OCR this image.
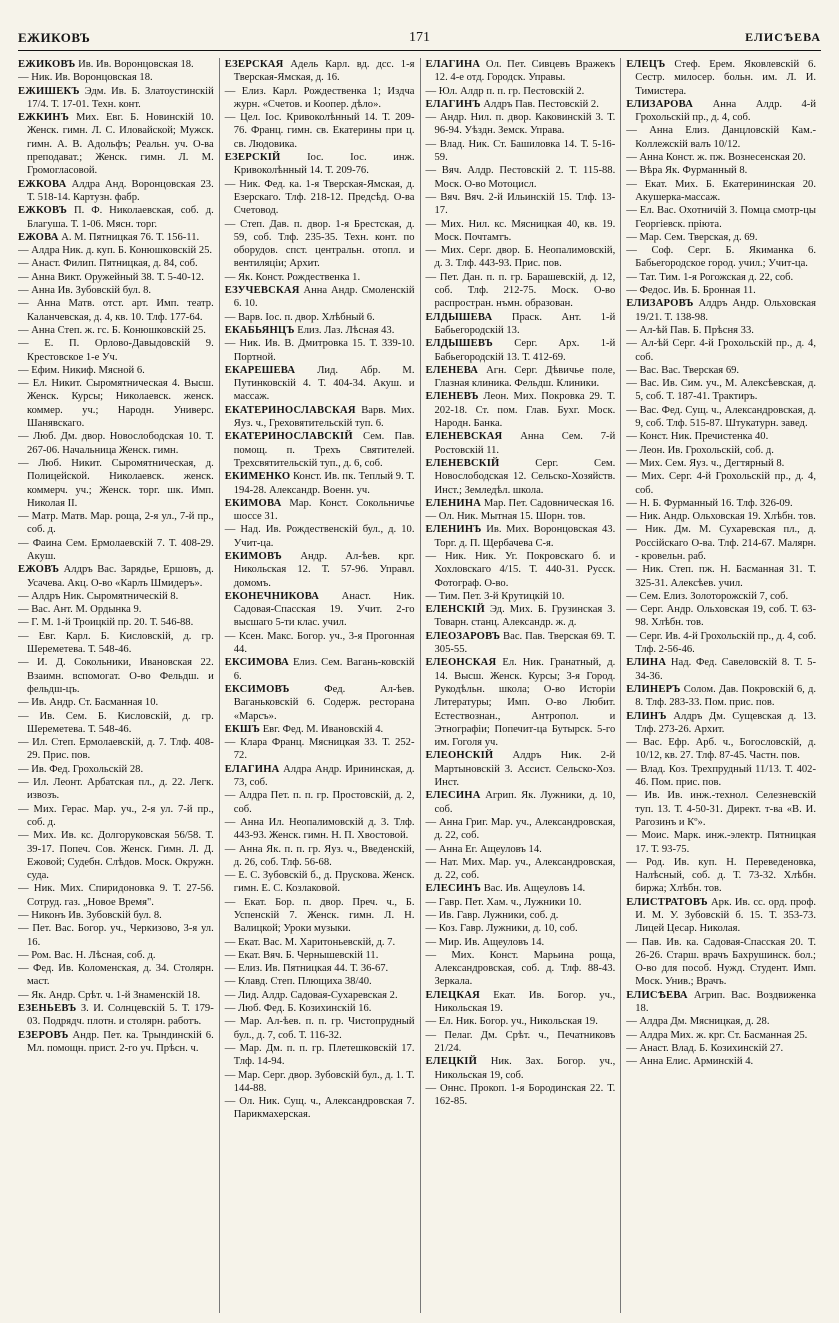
ЕЖИКОВЪ	171	ЕЛИСѢЕВА

ЕЖИКОВЪ Ив. Ив. Воронцовская 18.

— Ник. Ив. Воронцовская 18.

ЕЖИШЕКЪ Эдм. Ив. Б. Златоустинскій 17/4. Т. 17-01. Техн. конт.

ЕЖКИНЪ Мих. Евг. Б. Новинскій 10. Женск. гимн. Л. С. Иловайской; Мужск. гимн. А. В. Адольфъ; Реальн. уч. О-ва преподават.; Женск. гимн. Л. М. Громогласовой.

ЕЖКОВА Алдра Анд. Воронцовская 23. Т. 518-14. Картузн. фабр.

ЕЖКОВЪ П. Ф. Николаевская, соб. д. Благуша. Т. 1-06. Мясн. торг.

ЕЖОВА А. М. Пятницкая 76. Т. 156-11.

— Алдра Ник. д. куп. Б. Конюшковскій 25.

— Анаст. Филип. Пятницкая, д. 84, соб.

— Анна Викт. Оружейный 38. Т. 5-40-12.

— Анна Ив. Зубовскій бул. 8.

— Анна Матв. отст. арт. Имп. театр. Каланчевская, д. 4, кв. 10. Тлф. 177-64.

— Анна Степ. ж. гс. Б. Конюшковскій 25.

— Е. П. Орлово-Давыдовскій 9. Крестовское 1-е Уч.

— Ефим. Никиф. Мясной 6.

— Ел. Никит. Сыромятническая 4. Высш. Женск. Курсы; Николаевск. женск. коммер. уч.; Народн. Универс. Шанявскаго.

— Люб. Дм. двор. Новослободская 10. Т. 267-06. Начальница Женск. гимн.

— Люб. Никит. Сыромятническая, д. Полицейской. Николаевск. женск. коммерч. уч.; Женск. торг. шк. Имп. Николая II.

— Матр. Матв. Мар. роща, 2-я ул., 7-й пр., соб. д.

— Фаина Сем. Ермолаевскій 7. Т. 408-29. Акуш.

ЕЖОВЪ Алдръ Вас. Зарядье, Ершовъ, д. Усачева. Акц. О-во «Карлъ Шмидеръ».

— Алдръ Ник. Сыромятническій 8.

— Вас. Ант. М. Ордынка 9.

— Г. М. 1-й Троицкій пр. 20. Т. 546-88.

— Евг. Карл. Б. Кисловскій, д. гр. Шереметева. Т. 548-46.

— И. Д. Сокольники, Ивановская 22. Взаимн. вспомогат. О-во Фельдш. и фельдш-цъ.

— Ив. Андр. Ст. Басманная 10.

— Ив. Сем. Б. Кисловскій, д. гр. Шереметева. Т. 548-46.

— Ил. Степ. Ермолаевскій, д. 7. Тлф. 408-29. Прис. пов.

— Ив. Фед. Грохольскій 28.

— Ил. Леонт. Арбатская пл., д. 22. Легк. извозъ.

— Мих. Герас. Мар. уч., 2-я ул. 7-й пр., соб. д.

— Мих. Ив. кс. Долгоруковская 56/58. Т. 39-17. Попеч. Сов. Женск. Гимн. Л. Д. Ежовой; Судебн. Слѣдов. Моск. Окружн. суда.

— Ник. Мих. Спиридоновка 9. Т. 27-56. Сотруд. газ. „Новое Время".

— Никонъ Ив. Зубовскій бул. 8.

— Пет. Вас. Богор. уч., Черкизово, 3-я ул. 16.

— Ром. Вас. Н. Лѣсная, соб. д.

— Фед. Ив. Коломенская, д. 34. Столярн. маст.

— Як. Андр. Срѣт. ч. 1-й Знаменскій 18.

ЕЗЕНЬЕВЪ З. И. Солнцевскій 5. Т. 179-03. Подрядч. плотн. и столярн. работъ.

ЕЗЕРОВЪ Андр. Пет. ка. Трындинскій 6. Мл. помощн. прист. 2-го уч. Прѣсн. ч.

ЕЗЕРСКАЯ Адель Карл. вд. дсс. 1-я Тверская-Ямская, д. 16.

— Елиз. Карл. Рождественка 1; Издча журн. «Счетов. и Коопер. дѣло».

— Цел. Іос. Кривоколѣнный 14. Т. 209-76. Франц. гимн. св. Екатерины при ц. св. Людовика.

ЕЗЕРСКІЙ	Іос. Іос. инж. Кривоколѣнный 14. Т. 209-76.

— Ник. Фед. ка. 1-я Тверская-Ямская, д. Езерскаго. Тлф. 218-12. Предсѣд. О-ва Счетовод.

— Степ. Дав. п. двор. 1-я Брестская, д. 59, соб. Тлф. 235-35. Техн. конт. по оборудов. спст. центральн. отопл. и вентиляціи; Архит.

— Як. Конст. Рождественка 1.

ЕЗУЧЕВСКАЯ Анна Андр. Смоленскій 6. 10.

— Варв. Іос. п. двор. Хлѣбный 6.

ЕКАБЬЯНЦЪ Елиз. Лаз. Лѣсная 43.

— Ник. Ив. В. Дмитровка 15. Т. 339-10. Портной.

ЕКАРЕШЕВА Лид. Абр. М. Путинковскій 4. Т. 404-34. Акуш. и массаж.

ЕКАТЕРИНОСЛАВСКАЯ Варв. Мих. Яуз. ч., Греховятительскій туп. 6.

ЕКАТЕРИНОСЛАВСКІЙ Сем. Пав. помощ. п. Трехъ Святителей. Трехсвятительскій туп., д. 6, соб.

ЕКИМЕНКО Конст. Ив. пк. Теплый 9. Т. 194-28. Александр. Военн. уч.

ЕКИМОВА Мар. Конст. Сокольничье шоссе 31.

— Над. Ив. Рождественскій бул., д. 10. Учит-ца.

ЕКИМОВЪ Андр. Ал-ѣев. крг. Никольская 12. Т. 57-96. Управл. домомъ.

ЕКОНЕЧНИКОВА Анаст. Ник. Садовая-Спасская 19. Учит. 2-го высшаго 5-ти клас. учил.

— Ксен. Макс. Богор. уч., 3-я Прогонная 44.

ЕКСИМОВА Елиз. Сем. Вагань-ковскій 6.

ЕКСИМОВЪ	Фед. Ал-ѣев. Ваганьковскій 6. Содерж. ресторана «Марсъ».

ЕКШЪ Евг. Фед. М. Ивановскій 4.

— Клара Франц. Мясницкая 33. Т. 252-72.

ЕЛАГИНА Алдра Андр. Ирининская, д. 73, соб.

— Алдра Пет. п. п. гр. Простовскій, д. 2, соб.

— Анна Ил. Неопалимовскій д. 3. Тлф. 443-93. Женск. гимн. Н. П. Хвостовой.

— Анна Як. п. п. гр. Яуз. ч., Введенскій, д. 26, соб. Тлф. 56-68.

— Е. С. Зубовскій б., д. Прускова. Женск. гимн. Е. С. Козлаковой.

— Екат. Бор. п. двор. Преч. ч., Б. Успенскій 7. Женск. гимн. Л. Н. Валицкой; Уроки музыки.

— Екат. Вас. М. Харитоньевскій, д. 7.

— Екат. Вяч. Б. Чернышевскій 11.

— Елиз. Ив. Пятницкая 44. Т. 36-67.

— Клавд. Степ. Плющиха 38/40.

— Лид. Алдр. Садовая-Сухаревская 2.

— Люб. Фед. Б. Козихинскій 16.

— Мар. Ал-ѣев. п. п. гр. Чистопрудный бул., д. 7, соб. Т. 116-32.

— Мар. Дм. п. п. гр. Плетешковскій 17. Тлф. 14-94.

— Мар. Серг. двор. Зубовскій бул., д. 1. Т. 144-88.

— Ол. Ник. Сущ. ч., Александровская 7. Парикмахерская.

ЕЛАГИНА Ол. Пет. Сивцевъ Вражекъ 12. 4-е отд. Городск. Управы.

— Юл. Алдр п. п. гр. Пестовскій 2.

ЕЛАГИНЪ Алдръ Пав. Пестовскій 2.

— Андр. Нил. п. двор. Каковинскій 3. Т. 96-94. Уѣздн. Земск. Управа.

— Влад. Ник. Ст. Башиловка 14. Т. 5-16-59.

— Вяч. Алдр. Пестовскій 2. Т. 115-88. Моск. О-во Мотоцисл.

— Вяч. Вяч. 2-й Ильинскій 15. Тлф. 13-17.

— Мих. Нил. кс. Мясницкая 40, кв. 19. Моск. Почтамтъ.

— Мих. Серг. двор. Б. Неопалимовскій, д. 3. Тлф. 443-93. Прис. пов.

— Пет. Дан. п. п. гр. Барашевскій, д. 12, соб. Тлф. 212-75. Моск. О-во распростран. нъмн. образован.

ЕЛДЫШЕВА Праск. Ант. 1-й Бабьегородскій 13.

ЕЛДЫШЕВЪ Серг. Арх. 1-й Бабьегородскій 13. Т. 412-69.

ЕЛЕНЕВА Агн. Серг. Дѣвичье поле, Глазная клиника. Фельдш. Клиники.

ЕЛЕНЕВЪ Леон. Мих. Покровка 29. Т. 202-18. Ст. пом. Глав. Бухг. Моск. Народн. Банка.

ЕЛЕНЕВСКАЯ Анна Сем. 7-й Ростовскій 11.

ЕЛЕНЕВСКІЙ	Серг. Сем. Новослободская 12. Сельско-Хозяйств. Инст.; Земледѣл. школа.

ЕЛЕНИНА Мар. Пет. Садовническая 16.

— Ол. Ник. Мытная 15. Шорн. тов.

ЕЛЕНИНЪ Ив. Мих. Воронцовская 43. Торг. д. П. Щербачева С-я.

— Ник. Ник. Уг. Покровскаго б. и Хохловскаго 4/15. Т. 440-31. Русск. Фотограф. О-во.

— Тим. Пет. 3-й Крутицкій 10.

ЕЛЕНСКІЙ Эд. Мих. Б. Грузинская 3. Товарн. станц. Александр. ж. д.

ЕЛЕОЗАРОВЪ Вас. Пав. Тверская 69. Т. 305-55.

ЕЛЕОНСКАЯ Ел. Ник. Гранатный, д. 14. Высш. Женск. Курсы; 3-я Город. Рукодѣльн. школа; О-во Исторіи Литературы; Имп. О-во Любит. Естествознан., Антропол. и Этнографіи; Попечит-ца Бутырск. 5-го им. Гоголя уч.

ЕЛЕОНСКІЙ Алдръ Ник. 2-й Мартыновскій 3. Ассист. Сельско-Хоз. Инст.

ЕЛЕСИНА Агрип. Як. Лужники, д. 10, соб.

— Анна Григ. Мар. уч., Александровская, д. 22, соб.

— Анна Ег. Ащеуловъ 14.

— Нат. Мих. Мар. уч., Александровская, д. 22, соб.

ЕЛЕСИНЪ Вас. Ив. Ащеуловъ 14.

— Гавр. Пет. Хам. ч., Лужники 10.

— Ив. Гавр. Лужники, соб. д.

— Коз. Гавр. Лужники, д. 10, соб.

— Мир. Ив. Ащеуловъ 14.

— Мих. Конст. Марьина роща, Александровская, соб. д. Тлф. 88-43. Зеркала.

ЕЛЕЦКАЯ Екат. Ив. Богор. уч., Никольская 19.

— Ел. Ник. Богор. уч., Никольская 19.

— Пелаг. Дм. Срѣт. ч., Печатниковъ 21/24.

ЕЛЕЦКІЙ Ник. Зах. Богор. уч., Никольская 19, соб.

— Оннс. Прокоп. 1-я Бородинская 22. Т. 162-85.

ЕЛЕЦЪ Стеф. Ерем. Яковлевскій 6. Сестр. милосер. больн. им. Л. И. Тимистера.

ЕЛИЗАРОВА Анна Алдр. 4-й Грохольскій пр., д. 4, соб.

— Анна Елиз. Данцловскій Кам.-Коллежскій валъ 10/12.

— Анна Конст. ж. пж. Вознесенская 20.

— Вѣра Як. Фурманный 8.

— Екат. Мих. Б. Екатерининская 20. Акушерка-массаж.

— Ел. Вас. Охотничій 3. Помца смотр-цы Георгіевск. пріюта.

— Мар. Сем. Тверская, д. 69.

— Соф. Серг. Б. Якиманка 6. Бабьегородское город. учил.; Учит-ца.

— Тат. Тим. 1-я Рогожская д. 22, соб.

— Федос. Ив. Б. Бронная 11.

ЕЛИЗАРОВЪ Алдръ Андр. Ольховская 19/21. Т. 138-98.

— Ал-ѣй Пав. Б. Прѣсня 33.

— Ал-ѣй Серг. 4-й Грохольскій пр., д. 4, соб.

— Вас. Вас. Тверская 69.

— Вас. Ив. Сим. уч., М. Алексѣевская, д. 5, соб. Т. 187-41. Трактиръ.

— Вас. Фед. Сущ. ч., Александровская, д. 9, соб. Тлф. 515-87. Штукатурн. завед.

— Конст. Ник. Пречистенка 40.

— Леон. Ив. Грохольскій, соб. д.

— Мих. Сем. Яуз. ч., Дегтярный 8.

— Мих. Серг. 4-й Грохольскій пр., д. 4, соб.

— Н. Б. Фурманный 16. Тлф. 326-09.

— Ник. Андр. Ольховская 19. Хлѣбн. тов.

— Ник. Дм. М. Сухаревская пл., д. Россійскаго О-ва. Тлф. 214-67. Малярн. - кровельн. раб.

— Ник. Степ. пж. Н. Басманная 31. Т. 325-31. Алексѣев. учил.

— Сем. Елиз. Золоторожскій 7, соб.

— Серг. Андр. Ольховская 19, соб. Т. 63-98. Хлѣбн. тов.

— Серг. Ив. 4-й Грохольскій пр., д. 4, соб. Тлф. 2-56-46.

ЕЛИНА Над. Фед. Савеловскій 8. Т. 5-34-36.

ЕЛИНЕРЪ Солом. Дав. Покровскій 6, д. 8. Тлф. 283-33. Пом. прис. пов.

ЕЛИНЪ Алдръ Дм. Сущевская д. 13. Тлф. 273-26. Архит.

— Вас. Ефр. Арб. ч., Богословскій, д. 10/12, кв. 27. Тлф. 87-45. Частн. пов.

— Влад. Коз. Трехпрудный 11/13. Т. 402-46. Пом. прис. пов.

— Ив. Ив. инж.-технол. Селезневскій туп. 13. Т. 4-50-31. Директ. т-ва «В. И. Рагозинъ и Кº».

— Моис. Марк. инж.-электр. Пятницкая 17. Т. 93-75.

— Род. Ив. куп. Н. Переведеновка, Налѣсный, соб. д. Т. 73-32. Хлѣбн. биржа; Хлѣбн. тов.

ЕЛИСТРАТОВЪ Арк. Ив. сс. орд. проф. И. М. У. Зубовскій б. 15. Т. 353-73. Лицей Цесар. Николая.

— Пав. Ив. ка. Садовая-Спасская 20. Т. 26-26. Старш. врачъ Бахрушинск. бол.; О-во для пособ. Нужд. Студент. Имп. Моск. Унив.; Врачъ.

ЕЛИСѢЕВА Агрип. Вас. Воздвиженка 18.

— Алдра Дм. Мясницкая, д. 28.

— Алдра Мих. ж. крг. Ст. Басманная 25.

— Анаст. Влад. Б. Козихинскій 27.

— Анна Елис. Арминскій 4.
